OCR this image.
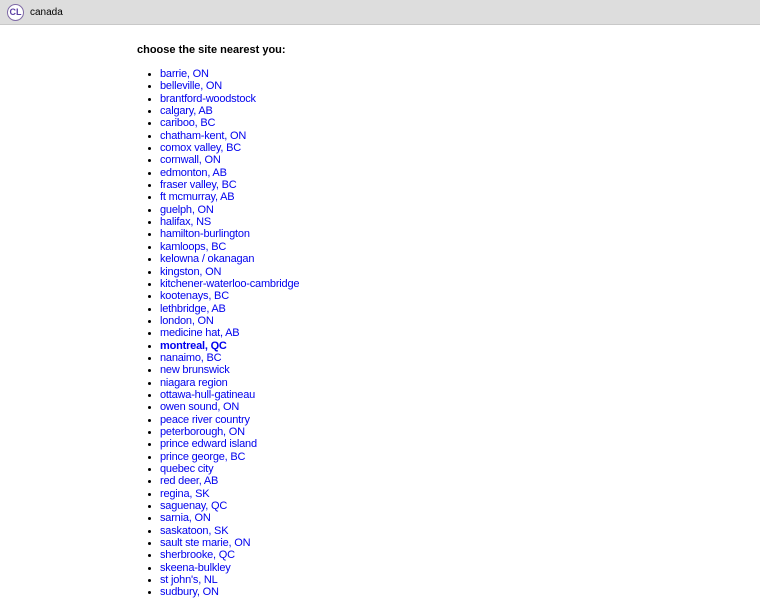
CL canada

choose the site nearest you:

• barrie, ON
• belleville, ON
• brantford-woodstock
• calgary, AB
• cariboo, BC
• chatham-kent, ON
• comox valley, BC
• cornwall, ON
• edmonton, AB
• fraser valley, BC
• ft mcmurray, AB
• guelph, ON
• halifax, NS
• hamilton-burlington
• kamloops, BC
• kelowna / okanagan
• kingston, ON
• kitchener-waterloo-cambridge
• kootenays, BC
• lethbridge, AB
• london, ON
• medicine hat, AB
• montreal, QC
• nanaimo, BC
• new brunswick
• niagara region
• ottawa-hull-gatineau
• owen sound, ON
• peace river country
• peterborough, ON
• prince edward island
• prince george, BC
• quebec city
• red deer, AB
• regina, SK
• saguenay, QC
• sarnia, ON
• saskatoon, SK
• sault ste marie, ON
• sherbrooke, QC
• skeena-bulkley
• st john's, NL
• sudbury, ON
